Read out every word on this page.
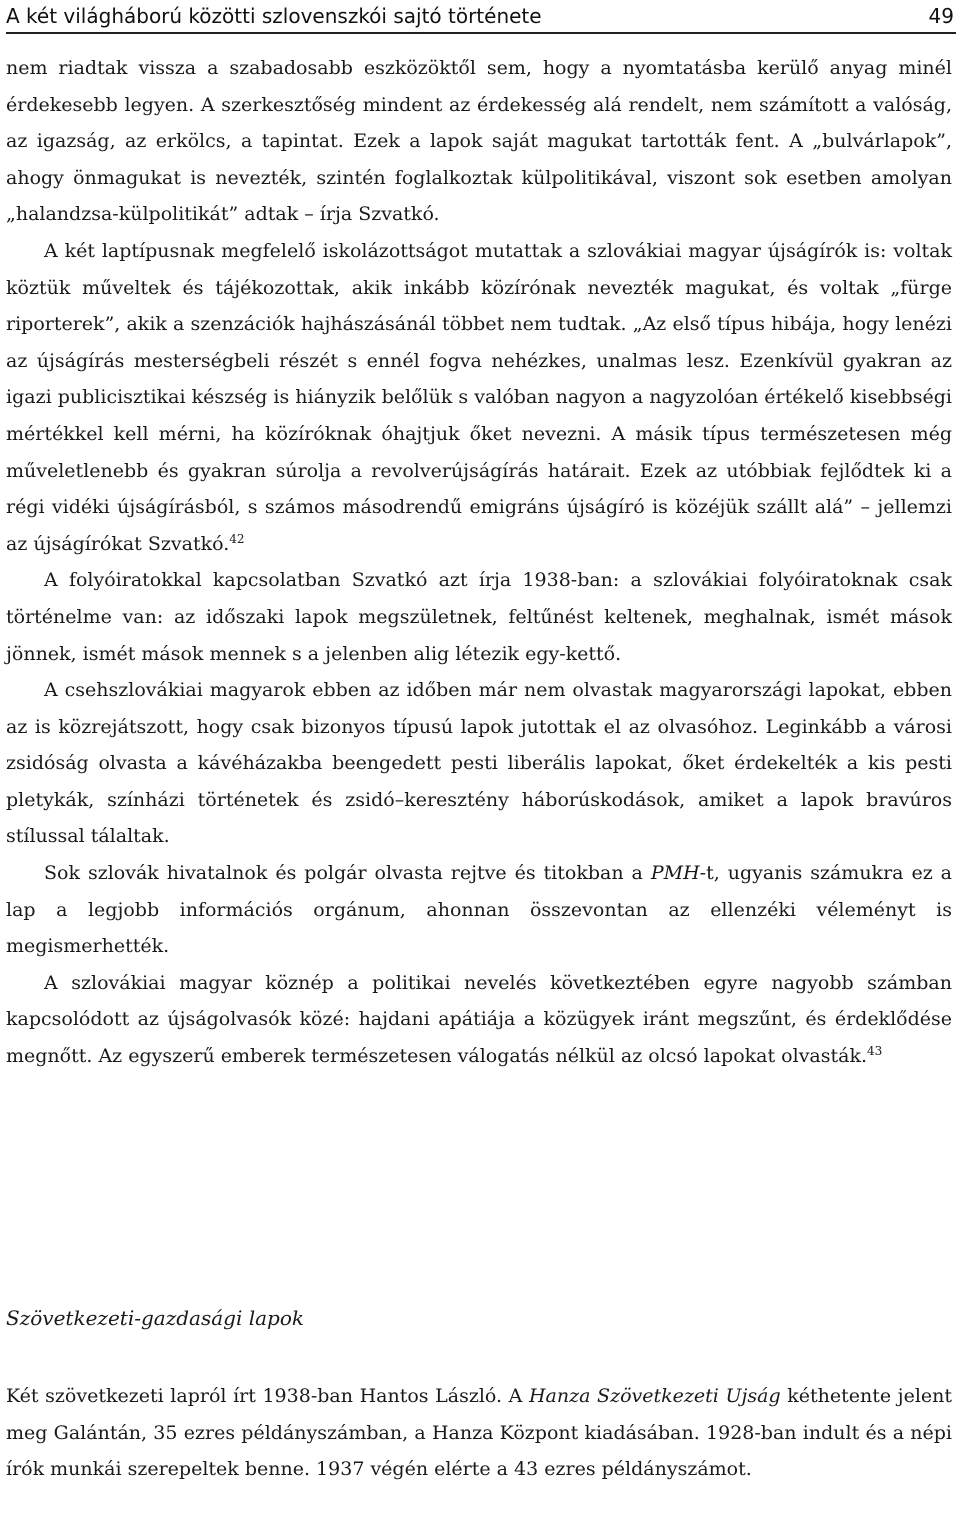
A két világháború közötti szlovenszkói sajtó története	49

nem riadtak vissza a szabadosabb eszközöktől sem, hogy a nyomtatásba kerülő anyag minél érdekesebb legyen. A szerkesztőség mindent az érdekesség alá rendelt, nem számított a valóság, az igazság, az erkölcs, a tapintat. Ezek a lapok saját magukat tartották fent. A „bulvárlapok”, ahogy önmagukat is nevezték, szintén foglalkoztak külpolitikával, viszont sok esetben amolyan „halandzsa-külpolitikát” adtak – írja Szvatkó.

A két laptípusnak megfelelő iskolázottságot mutattak a szlovákiai magyar újságírók is: voltak köztük műveltek és tájékozottak, akik inkább közírónak nevezték magukat, és voltak „fürge riporterek”, akik a szenzációk hajhászásánál többet nem tudtak. „Az első típus hibája, hogy lenézi az újságírás mesterségbeli részét s ennél fogva nehézkes, unalmas lesz. Ezenkívül gyakran az igazi publicisztikai készség is hiányzik belőlük s valóban nagyon a nagyzolóan értékelő kisebbségi mértékkel kell mérni, ha közíróknak óhajtjuk őket nevezni. A másik típus természetesen még műveletlenebb és gyakran súrolja a revolverújságírás határait. Ezek az utóbbiak fejlődtek ki a régi vidéki újságírásból, s számos másodrendű emigráns újságíró is közéjük szállt alá” – jellemzi az újságírókat Szvatkó.$^{42}$

A folyóiratokkal kapcsolatban Szvatkó azt írja 1938-ban: a szlovákiai folyóiratoknak csak történelme van: az időszaki lapok megszületnek, feltűnést keltenek, meghalnak, ismét mások jönnek, ismét mások mennek s a jelenben alig létezik egy-kettő.

A csehszlovákiai magyarok ebben az időben már nem olvastak magyarországi lapokat, ebben az is közrejátszott, hogy csak bizonyos típusú lapok jutottak el az olvasóhoz. Leginkább a városi zsidóság olvasta a kávéházakba beengedett pesti liberális lapokat, őket érdekelték a kis pesti pletykák, színházi történetek és zsidó–keresztény háborúskodások, amiket a lapok bravúros stílussal tálaltak.

Sok szlovák hivatalnok és polgár olvasta rejtve és titokban a PMH-t, ugyanis számukra ez a lap a legjobb információs orgánum, ahonnan összevontan az ellenzéki véleményt is megismerhették.

A szlovákiai magyar köznép a politikai nevelés következtében egyre nagyobb számban kapcsolódott az újságolvasók közé: hajdani apátiája a közügyek iránt megszűnt, és érdeklődése megnőtt. Az egyszerű emberek természetesen válogatás nélkül az olcsó lapokat olvasták.$^{43}$

Szövetkezeti-gazdasági lapok

Két szövetkezeti lapról írt 1938-ban Hantos László. A Hanza Szövetkezeti Ujság kéthetente jelent meg Galántán, 35 ezres példányszámban, a Hanza Központ kiadásában. 1928-ban indult és a népi írók munkái szerepeltek benne. 1937 végén elérte a 43 ezres példányszámot.
